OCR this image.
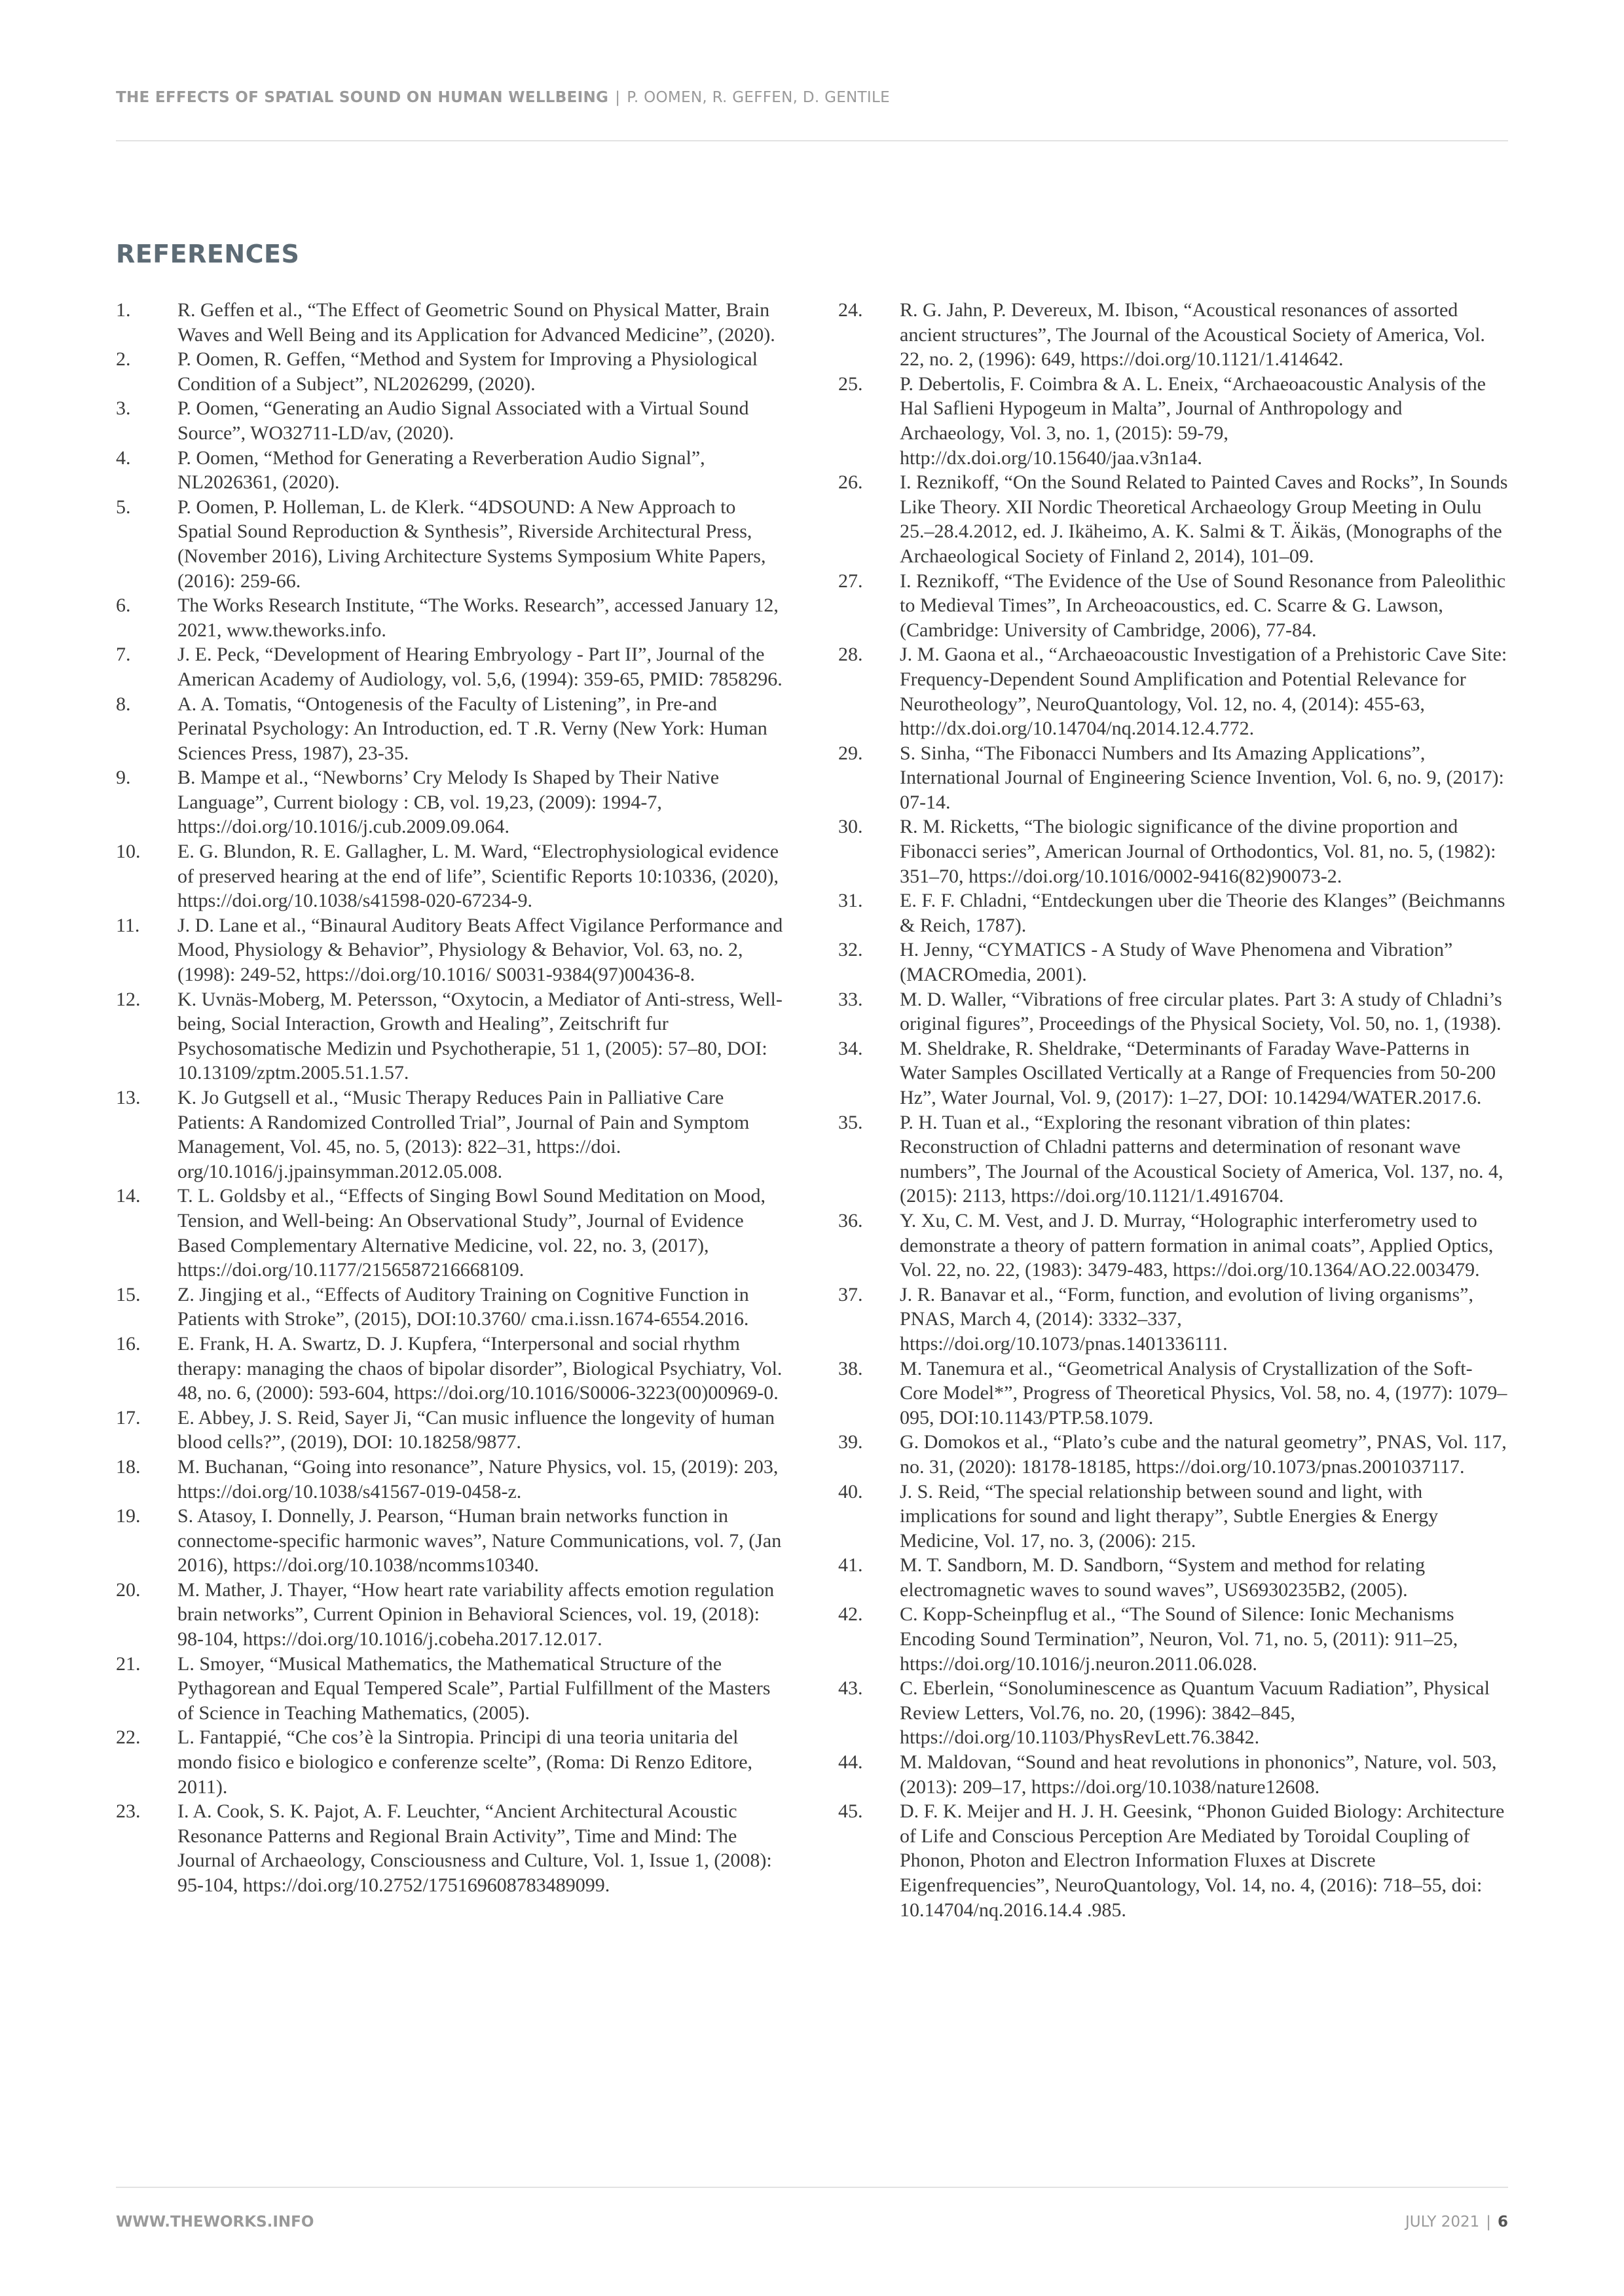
THE EFFECTS OF SPATIAL SOUND ON HUMAN WELLBEING | P. OOMEN, R. GEFFEN, D. GENTILE
REFERENCES
1.	R. Geffen et al., “The Effect of Geometric Sound on Physical Matter, Brain Waves and Well Being and its Application for Advanced Medicine”, (2020).
2.	P. Oomen, R. Geffen, “Method and System for Improving a Physiological Condition of a Subject”, NL2026299, (2020).
3.	P. Oomen, “Generating an Audio Signal Associated with a Virtual Sound Source”, WO32711-LD/av, (2020).
4.	P. Oomen, “Method for Generating a Reverberation Audio Signal”, NL2026361, (2020).
5.	P. Oomen, P. Holleman, L. de Klerk. “4DSOUND: A New Approach to Spatial Sound Reproduction & Synthesis”, Riverside Architectural Press, (November 2016), Living Architecture Systems Symposium White Papers, (2016): 259-66.
6.	The Works Research Institute, “The Works. Research”, accessed January 12, 2021, www.theworks.info.
7.	J. E. Peck, “Development of Hearing Embryology - Part II”, Journal of the American Academy of Audiology, vol. 5,6, (1994): 359-65, PMID: 7858296.
8.	A. A. Tomatis, “Ontogenesis of the Faculty of Listening”, in Pre-and Perinatal Psychology: An Introduction, ed. T .R. Verny (New York: Human Sciences Press, 1987), 23-35.
9.	B. Mampe et al., “Newborns’ Cry Melody Is Shaped by Their Native Language”, Current biology : CB, vol. 19,23, (2009): 1994-7, https://doi.org/10.1016/j.cub.2009.09.064.
10.	E. G. Blundon, R. E. Gallagher, L. M. Ward, “Electrophysiological evidence of preserved hearing at the end of life”, Scientific Reports 10:10336, (2020), https://doi.org/10.1038/s41598-020-67234-9.
11.	J. D. Lane et al., “Binaural Auditory Beats Affect Vigilance Performance and Mood, Physiology & Behavior”, Physiology & Behavior, Vol. 63, no. 2, (1998): 249-52, https://doi.org/10.1016/ S0031-9384(97)00436-8.
12.	K. Uvnäs-Moberg, M. Petersson, “Oxytocin, a Mediator of Anti-stress, Well-being, Social Interaction, Growth and Healing”, Zeitschrift fur Psychosomatische Medizin und Psychotherapie, 51 1, (2005): 57–80, DOI: 10.13109/zptm.2005.51.1.57.
13.	K. Jo Gutgsell et al., “Music Therapy Reduces Pain in Palliative Care Patients: A Randomized Controlled Trial”, Journal of Pain and Symptom Management, Vol. 45, no. 5, (2013): 822–31, https://doi. org/10.1016/j.jpainsymman.2012.05.008.
14.	T. L. Goldsby et al., “Effects of Singing Bowl Sound Meditation on Mood, Tension, and Well-being: An Observational Study”, Journal of Evidence Based Complementary Alternative Medicine, vol. 22, no. 3, (2017), https://doi.org/10.1177/2156587216668109.
15.	Z. Jingjing et al., “Effects of Auditory Training on Cognitive Function in Patients with Stroke”, (2015), DOI:10.3760/ cma.i.issn.1674-6554.2016.
16.	E. Frank, H. A. Swartz, D. J. Kupfera, “Interpersonal and social rhythm therapy: managing the chaos of bipolar disorder”, Biological Psychiatry, Vol. 48, no. 6, (2000): 593-604, https://doi.org/10.1016/S0006-3223(00)00969-0.
17.	E. Abbey, J. S. Reid, Sayer Ji, “Can music influence the longevity of human blood cells?”, (2019), DOI: 10.18258/9877.
18.	M. Buchanan, “Going into resonance”, Nature Physics, vol. 15, (2019): 203, https://doi.org/10.1038/s41567-019-0458-z.
19.	S. Atasoy, I. Donnelly, J. Pearson, “Human brain networks function in connectome-specific harmonic waves”, Nature Communications, vol. 7, (Jan 2016), https://doi.org/10.1038/ncomms10340.
20.	M. Mather, J. Thayer, “How heart rate variability affects emotion regulation brain networks”, Current Opinion in Behavioral Sciences, vol. 19, (2018): 98-104, https://doi.org/10.1016/j.cobeha.2017.12.017.
21.	L. Smoyer, “Musical Mathematics, the Mathematical Structure of the Pythagorean and Equal Tempered Scale”, Partial Fulfillment of the Masters of Science in Teaching Mathematics, (2005).
22.	L. Fantappié, “Che cos’è la Sintropia. Principi di una teoria unitaria del mondo fisico e biologico e conferenze scelte”, (Roma: Di Renzo Editore, 2011).
23.	I. A. Cook, S. K. Pajot, A. F. Leuchter, “Ancient Architectural Acoustic Resonance Patterns and Regional Brain Activity”, Time and Mind: The Journal of Archaeology, Consciousness and Culture, Vol. 1, Issue 1, (2008): 95-104, https://doi.org/10.2752/175169608783489099.
24.	R. G. Jahn, P. Devereux, M. Ibison, “Acoustical resonances of assorted ancient structures”, The Journal of the Acoustical Society of America, Vol. 22, no. 2, (1996): 649, https://doi.org/10.1121/1.414642.
25.	P. Debertolis, F. Coimbra & A. L. Eneix, “Archaeoacoustic Analysis of the Hal Saflieni Hypogeum in Malta”, Journal of Anthropology and Archaeology, Vol. 3, no. 1, (2015): 59-79, http://dx.doi.org/10.15640/jaa.v3n1a4.
26.	I. Reznikoff, “On the Sound Related to Painted Caves and Rocks”, In Sounds Like Theory. XII Nordic Theoretical Archaeology Group Meeting in Oulu 25.–28.4.2012, ed. J. Ikäheimo, A. K. Salmi & T. Äikäs, (Monographs of the Archaeological Society of Finland 2, 2014), 101–09.
27.	I. Reznikoff, “The Evidence of the Use of Sound Resonance from Paleolithic to Medieval Times”, In Archeoacoustics, ed. C. Scarre & G. Lawson, (Cambridge: University of Cambridge, 2006), 77-84.
28.	J. M. Gaona et al., “Archaeoacoustic Investigation of a Prehistoric Cave Site: Frequency-Dependent Sound Amplification and Potential Relevance for Neurotheology”, NeuroQuantology, Vol. 12, no. 4, (2014): 455-63, http://dx.doi.org/10.14704/nq.2014.12.4.772.
29.	S. Sinha, “The Fibonacci Numbers and Its Amazing Applications”, International Journal of Engineering Science Invention, Vol. 6, no. 9, (2017): 07-14.
30.	R. M. Ricketts, “The biologic significance of the divine proportion and Fibonacci series”, American Journal of Orthodontics, Vol. 81, no. 5, (1982): 351–70, https://doi.org/10.1016/0002-9416(82)90073-2.
31.	E. F. F. Chladni, “Entdeckungen uber die Theorie des Klanges” (Beichmanns & Reich, 1787).
32.	H. Jenny, “CYMATICS - A Study of Wave Phenomena and Vibration” (MACROmedia, 2001).
33.	M. D. Waller, “Vibrations of free circular plates. Part 3: A study of Chladni’s original figures”, Proceedings of the Physical Society, Vol. 50, no. 1, (1938).
34.	M. Sheldrake, R. Sheldrake, “Determinants of Faraday Wave-Patterns in Water Samples Oscillated Vertically at a Range of Frequencies from 50-200 Hz”, Water Journal, Vol. 9, (2017): 1–27, DOI: 10.14294/WATER.2017.6.
35.	P. H. Tuan et al., “Exploring the resonant vibration of thin plates: Reconstruction of Chladni patterns and determination of resonant wave numbers”, The Journal of the Acoustical Society of America, Vol. 137, no. 4, (2015): 2113, https://doi.org/10.1121/1.4916704.
36.	Y. Xu, C. M. Vest, and J. D. Murray, “Holographic interferometry used to demonstrate a theory of pattern formation in animal coats”, Applied Optics, Vol. 22, no. 22, (1983): 3479-483, https://doi.org/10.1364/AO.22.003479.
37.	J. R. Banavar et al., “Form, function, and evolution of living organisms”, PNAS, March 4, (2014): 3332–337, https://doi.org/10.1073/pnas.1401336111.
38.	M. Tanemura et al., “Geometrical Analysis of Crystallization of the Soft-Core Model*”, Progress of Theoretical Physics, Vol. 58, no. 4, (1977): 1079–095, DOI:10.1143/PTP.58.1079.
39.	G. Domokos et al., “Plato’s cube and the natural geometry”, PNAS, Vol. 117, no. 31, (2020): 18178-18185, https://doi.org/10.1073/pnas.2001037117.
40.	J. S. Reid, “The special relationship between sound and light, with implications for sound and light therapy”, Subtle Energies & Energy Medicine, Vol. 17, no. 3, (2006): 215.
41.	M. T. Sandborn, M. D. Sandborn, “System and method for relating electromagnetic waves to sound waves”, US6930235B2, (2005).
42.	C. Kopp-Scheinpflug et al., “The Sound of Silence: Ionic Mechanisms Encoding Sound Termination”, Neuron, Vol. 71, no. 5, (2011): 911–25, https://doi.org/10.1016/j.neuron.2011.06.028.
43.	C. Eberlein, “Sonoluminescence as Quantum Vacuum Radiation”, Physical Review Letters, Vol.76, no. 20, (1996): 3842–845, https://doi.org/10.1103/PhysRevLett.76.3842.
44.	M. Maldovan, “Sound and heat revolutions in phononics”, Nature, vol. 503, (2013): 209–17, https://doi.org/10.1038/nature12608.
45.	D. F. K. Meijer and H. J. H. Geesink, “Phonon Guided Biology: Architecture of Life and Conscious Perception Are Mediated by Toroidal Coupling of Phonon, Photon and Electron Information Fluxes at Discrete Eigenfrequencies”, NeuroQuantology, Vol. 14, no. 4, (2016): 718–55, doi: 10.14704/nq.2016.14.4 .985.
WWW.THEWORKS.INFO	JULY 2021 | 6
